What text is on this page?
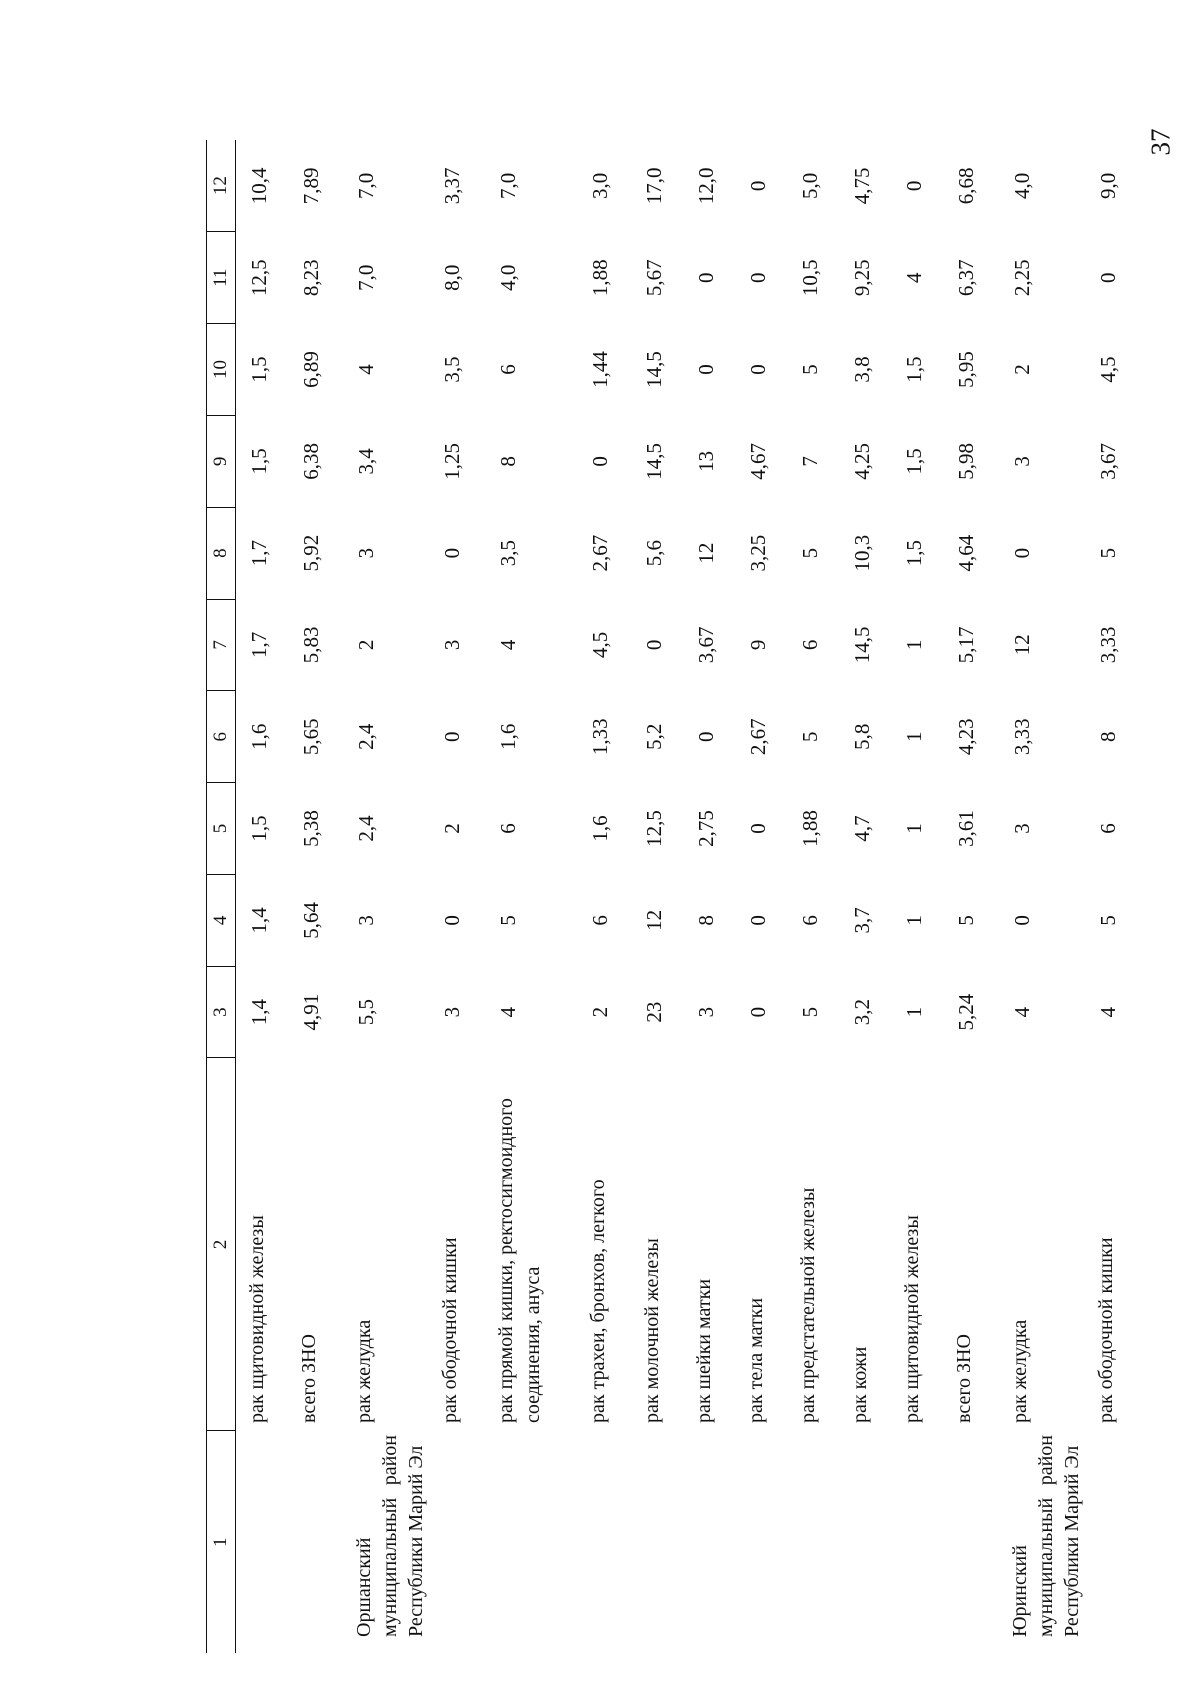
37
1	2	3	4	5	6	7	8	9	10	11	12

	рак щитовидной железы	1,4	1,4	1,5	1,6	1,7	1,7	1,5	1,5	12,5	10,4

	всего ЗНО	4,91	5,64	5,38	5,65	5,83	5,92	6,38	6,89	8,23	7,89

Оршанский муниципальный район Республики Марий Эл	рак желудка	5,5	3	2,4	2,4	2	3	3,4	4	7,0	7,0

	рак ободочной кишки	3	0	2	0	3	0	1,25	3,5	8,0	3,37

	рак прямой кишки, ректосигмоидного соединения, ануса	4	5	6	1,6	4	3,5	8	6	4,0	7,0

	рак трахеи, бронхов, легкого	2	6	1,6	1,33	4,5	2,67	0	1,44	1,88	3,0

	рак молочной железы	23	12	12,5	5,2	0	5,6	14,5	14,5	5,67	17,0

	рак шейки матки	3	8	2,75	0	3,67	12	13	0	0	12,0

	рак тела матки	0	0	0	2,67	9	3,25	4,67	0	0	0

	рак предстательной железы	5	6	1,88	5	6	5	7	5	10,5	5,0

	рак кожи	3,2	3,7	4,7	5,8	14,5	10,3	4,25	3,8	9,25	4,75

	рак щитовидной железы	1	1	1	1	1	1,5	1,5	1,5	4	0

	всего ЗНО	5,24	5	3,61	4,23	5,17	4,64	5,98	5,95	6,37	6,68

Юринский муниципальный район Республики Марий Эл	рак желудка	4	0	3	3,33	12	0	3	2	2,25	4,0

	рак ободочной кишки	4	5	6	8	3,33	5	3,67	4,5	0	9,0
